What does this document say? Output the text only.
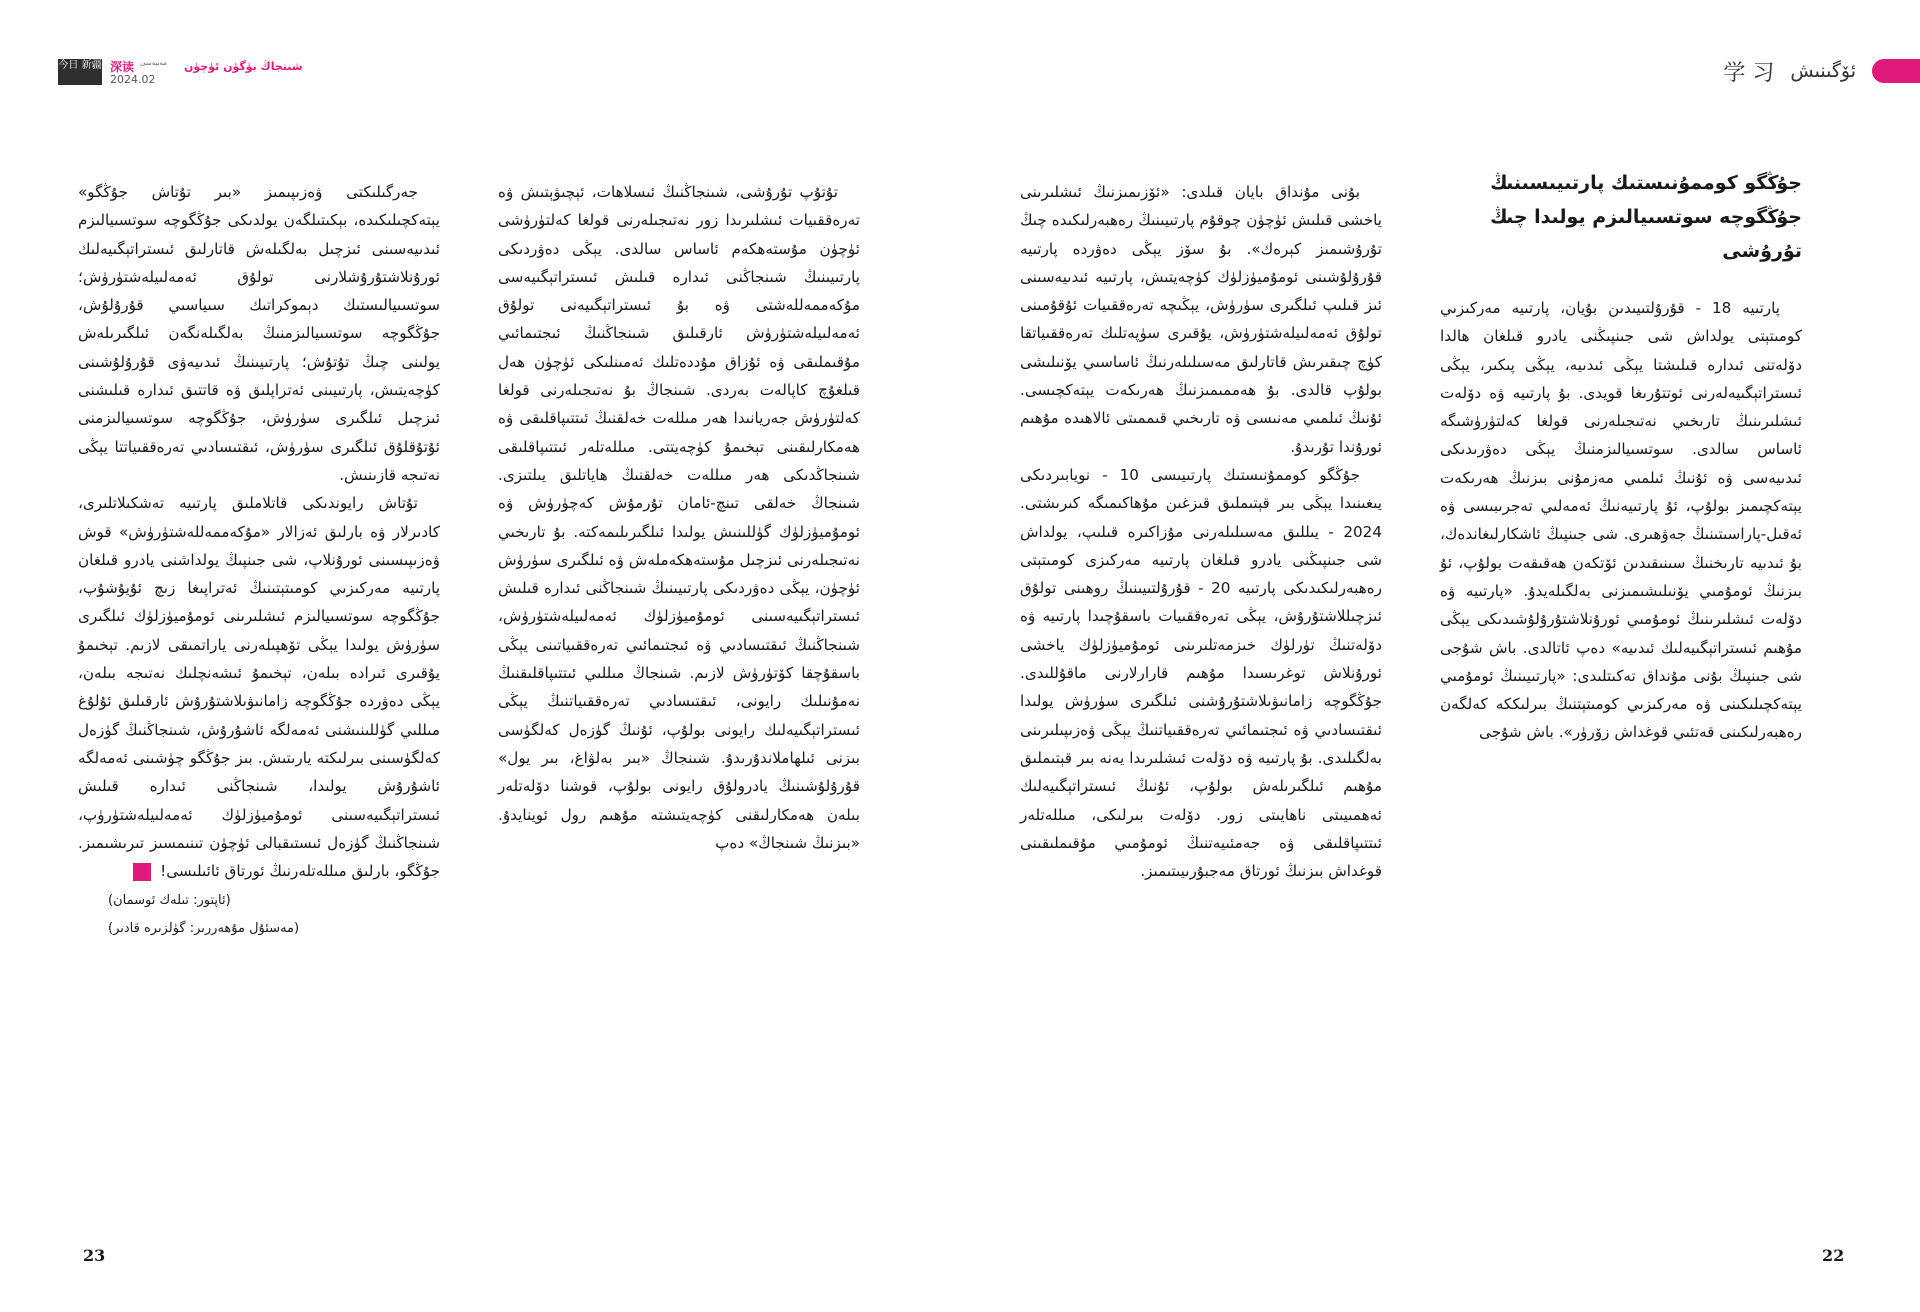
今日 新疆 深读 مەنبەسى
2024.02
شىنجاڭ بۈگۈن ئۈچۈن	学 习 ئۆگىنىش

جۇڭگو كوممۇنىستىك پارتىيىسىنىڭ جۇڭگوچە سوتسىيالىزم يولىدا چىڭ تۇرۇشى

پارتىيە 18 - قۇرۇلتىيىدىن بۇيان، پارتىيە مەركىزىي كومىتېتى يولداش شى جىنپىڭنى يادرو قىلغان ھالدا دۆلەتنى ئىدارە قىلىشتا يېڭى ئىدىيە، يېڭى پىكىر، يېڭى ئىستراتېگىيەلەرنى ئوتتۇرىغا قويدى. بۇ پارتىيە ۋە دۆلەت ئىشلىرىنىڭ تارىخىي نەتىجىلەرنى قولغا كەلتۈرۈشىگە ئاساس سالدى. سوتسىيالىزمنىڭ يېڭى دەۋرىدىكى ئىدىيەسى ۋە ئۇنىڭ ئىلمىي مەزمۇنى بىزنىڭ ھەرىكەت يېتەكچىمىز بولۇپ، ئۇ پارتىيەنىڭ ئەمەلىي تەجرىبىسى ۋە ئەقىل-پاراسىتىنىڭ جەۋھىرى. شى جىنپىڭ ئاشكارلىغاندەك، بۇ ئىدىيە تارىخنىڭ سىنىقىدىن ئۆتكەن ھەقىقەت بولۇپ، ئۇ بىزنىڭ ئومۇمىي يۆنىلىشىمىزنى بەلگىلەيدۇ. «پارتىيە ۋە دۆلەت ئىشلىرىنىڭ ئومۇمىي ئورۇنلاشتۇرۇلۇشىدىكى يېڭى مۇھىم ئىستراتېگىيەلىك ئىدىيە» دەپ ئاتالدى. باش شۇجى شى جىنپىڭ بۇنى مۇنداق تەكىتلىدى: «پارتىيىنىڭ ئومۇمىي يېتەكچىلىكىنى ۋە مەركىزىي كومىتېتنىڭ بىرلىككە كەلگەن رەھبەرلىكىنى قەتئىي قوغداش زۆرۈر». باش شۇجى

بۇنى مۇنداق بايان قىلدى: «ئۆزىمىزنىڭ ئىشلىرىنى ياخشى قىلىش ئۈچۈن چوقۇم پارتىيىنىڭ رەھبەرلىكىدە چىڭ تۇرۇشىمىز كېرەك». بۇ سۆز يېڭى دەۋردە پارتىيە قۇرۇلۇشىنى ئومۇميۈزلۈك كۈچەيتىش، پارتىيە ئىدىيەسىنى ئىز قىلىپ ئىلگىرى سۈرۈش، يېڭىچە تەرەققىيات ئۇقۇمىنى تولۇق ئەمەلىيلەشتۈرۈش، يۇقىرى سۈپەتلىك تەرەققىياتقا كۈچ چىقىرىش قاتارلىق مەسىلىلەرنىڭ ئاساسىي يۆنىلىشى بولۇپ قالدى. بۇ ھەممىمىزنىڭ ھەرىكەت يېتەكچىسى. ئۇنىڭ ئىلمىي مەنىسى ۋە تارىخىي قىممىتى ئالاھىدە مۇھىم ئورۇندا تۇرىدۇ.

جۇڭگو كوممۇنىستىك پارتىيىسى 10 - نويابىردىكى يىغىنىدا يېڭى بىر قېتىملىق قىزغىن مۇھاكىمىگە كىرىشتى. 2024 - يىللىق مەسىلىلەرنى مۇزاكىرە قىلىپ، يولداش شى جىنپىڭنى يادرو قىلغان پارتىيە مەركىزى كومىتېتى رەھبەرلىكىدىكى پارتىيە 20 - قۇرۇلتىيىنىڭ روھىنى تولۇق ئىزچىللاشتۇرۇش، يېڭى تەرەققىيات باسقۇچىدا پارتىيە ۋە دۆلەتنىڭ تۈرلۈك خىزمەتلىرىنى ئومۇميۈزلۈك ياخشى ئورۇنلاش توغرىسىدا مۇھىم قارارلارنى ماقۇللىدى. جۇڭگوچە زامانىۋىلاشتۇرۇشنى ئىلگىرى سۈرۈش يولىدا ئىقتىسادىي ۋە ئىجتىمائىي تەرەققىياتنىڭ يېڭى ۋەزىپىلىرىنى بەلگىلىدى. بۇ پارتىيە ۋە دۆلەت ئىشلىرىدا يەنە بىر قېتىملىق مۇھىم ئىلگىرىلەش بولۇپ، ئۇنىڭ ئىستراتېگىيەلىك ئەھمىيىتى ناھايىتى زور. دۆلەت بىرلىكى، مىللەتلەر ئىتتىپاقلىقى ۋە جەمئىيەتنىڭ ئومۇمىي مۇقىملىقىنى قوغداش بىزنىڭ ئورتاق مەجبۇرىيىتىمىز.

تۇتۇپ تۇرۇشى، شىنجاڭنىڭ ئىسلاھات، ئېچىۋېتىش ۋە تەرەققىيات ئىشلىرىدا زور نەتىجىلەرنى قولغا كەلتۈرۈشى ئۈچۈن مۇستەھكەم ئاساس سالدى. يېڭى دەۋردىكى پارتىيىنىڭ شىنجاڭنى ئىدارە قىلىش ئىستراتېگىيەسى مۇكەممەللەشتى ۋە بۇ ئىستراتېگىيەنى تولۇق ئەمەلىيلەشتۈرۈش ئارقىلىق شىنجاڭنىڭ ئىجتىمائىي مۇقىملىقى ۋە ئۇزاق مۇددەتلىك ئەمىنلىكى ئۈچۈن ھەل قىلغۇچ كاپالەت بەردى. شىنجاڭ بۇ نەتىجىلەرنى قولغا كەلتۈرۈش جەريانىدا ھەر مىللەت خەلقنىڭ ئىتتىپاقلىقى ۋە ھەمكارلىقىنى تېخىمۇ كۈچەيتتى. مىللەتلەر ئىتتىپاقلىقى شىنجاڭدىكى ھەر مىللەت خەلقنىڭ ھاياتلىق يىلتىزى. شىنجاڭ خەلقى تىنچ-ئامان تۇرمۇش كەچۈرۈش ۋە ئومۇميۈزلۈك گۈللىنىش يولىدا ئىلگىرىلىمەكتە. بۇ تارىخىي نەتىجىلەرنى ئىزچىل مۇستەھكەملەش ۋە ئىلگىرى سۈرۈش ئۈچۈن، يېڭى دەۋردىكى پارتىيىنىڭ شىنجاڭنى ئىدارە قىلىش ئىستراتېگىيەسىنى ئومۇميۈزلۈك ئەمەلىيلەشتۈرۈش، شىنجاڭنىڭ ئىقتىسادىي ۋە ئىجتىمائىي تەرەققىياتىنى يېڭى باسقۇچقا كۆتۈرۈش لازىم. شىنجاڭ مىللىي ئىتتىپاقلىقنىڭ نەمۇنىلىك رايونى، ئىقتىسادىي تەرەققىياتنىڭ يېڭى ئىستراتېگىيەلىك رايونى بولۇپ، ئۇنىڭ گۈزەل كەلگۈسى بىزنى ئىلھاملاندۇرىدۇ. شىنجاڭ «بىر بەلۋاغ، بىر يول» قۇرۇلۇشىنىڭ يادرولۇق رايونى بولۇپ، قوشنا دۆلەتلەر بىلەن ھەمكارلىقنى كۈچەيتىشتە مۇھىم رول ئوينايدۇ. «بىزنىڭ شىنجاڭ» دەپ

جەرگىلىكتى ۋەزىپىمىز «بىر تۇتاش جۇڭگو» يېتەكچىلىكىدە، بېكىتىلگەن يولدىكى جۇڭگوچە سوتسىيالىزم ئىدىيەسىنى ئىزچىل بەلگىلەش قاتارلىق ئىستراتېگىيەلىك ئورۇنلاشتۇرۇشلارنى تولۇق ئەمەلىيلەشتۈرۈش؛ سوتسىيالىستىك دېموكراتىك سىياسىي قۇرۇلۇش، جۇڭگوچە سوتسىيالىزمنىڭ بەلگىلەنگەن ئىلگىرىلەش يولىنى چىڭ تۇتۇش؛ پارتىيىنىڭ ئىدىيەۋى قۇرۇلۇشىنى كۈچەيتىش، پارتىيىنى ئەتراپلىق ۋە قاتتىق ئىدارە قىلىشنى ئىزچىل ئىلگىرى سۈرۈش، جۇڭگوچە سوتسىيالىزمنى ئۇتۇقلۇق ئىلگىرى سۈرۈش، ئىقتىسادىي تەرەققىياتتا يېڭى نەتىجە قازىنىش.

تۇتاش رايوندىكى قاتلاملىق پارتىيە تەشكىلاتلىرى، كادىرلار ۋە بارلىق ئەزالار «مۇكەممەللەشتۈرۈش» قوش ۋەزىپىسىنى ئورۇنلاپ، شى جىنپىڭ يولداشنى يادرو قىلغان پارتىيە مەركىزىي كومىتېتىنىڭ ئەتراپىغا زىچ ئۇيۇشۇپ، جۇڭگوچە سوتسىيالىزم ئىشلىرىنى ئومۇميۈزلۈك ئىلگىرى سۈرۈش يولىدا يېڭى تۆھپىلەرنى ياراتمىقى لازىم. تېخىمۇ يۇقىرى ئىرادە بىلەن، تېخىمۇ ئىشەنچلىك نەتىجە بىلەن، يېڭى دەۋردە جۇڭگوچە زامانىۋىلاشتۇرۇش ئارقىلىق ئۇلۇغ مىللىي گۈللىنىشنى ئەمەلگە ئاشۇرۇش، شىنجاڭنىڭ گۈزەل كەلگۈسىنى بىرلىكتە يارىتىش. بىز جۇڭگو چۈشىنى ئەمەلگە ئاشۇرۇش يولىدا، شىنجاڭنى ئىدارە قىلىش ئىستراتېگىيەسىنى ئومۇميۈزلۈك ئەمەلىيلەشتۈرۈپ، شىنجاڭنىڭ گۈزەل ئىستىقبالى ئۈچۈن تىنىمسىز تىرىشىمىز. جۇڭگو، بارلىق مىللەتلەرنىڭ ئورتاق ئائىلىسى! L

(ئاپتور: تىلەك ئوسمان)

(مەسئۇل مۇھەررىر: گۈلزىرە قادىر)

23	22
